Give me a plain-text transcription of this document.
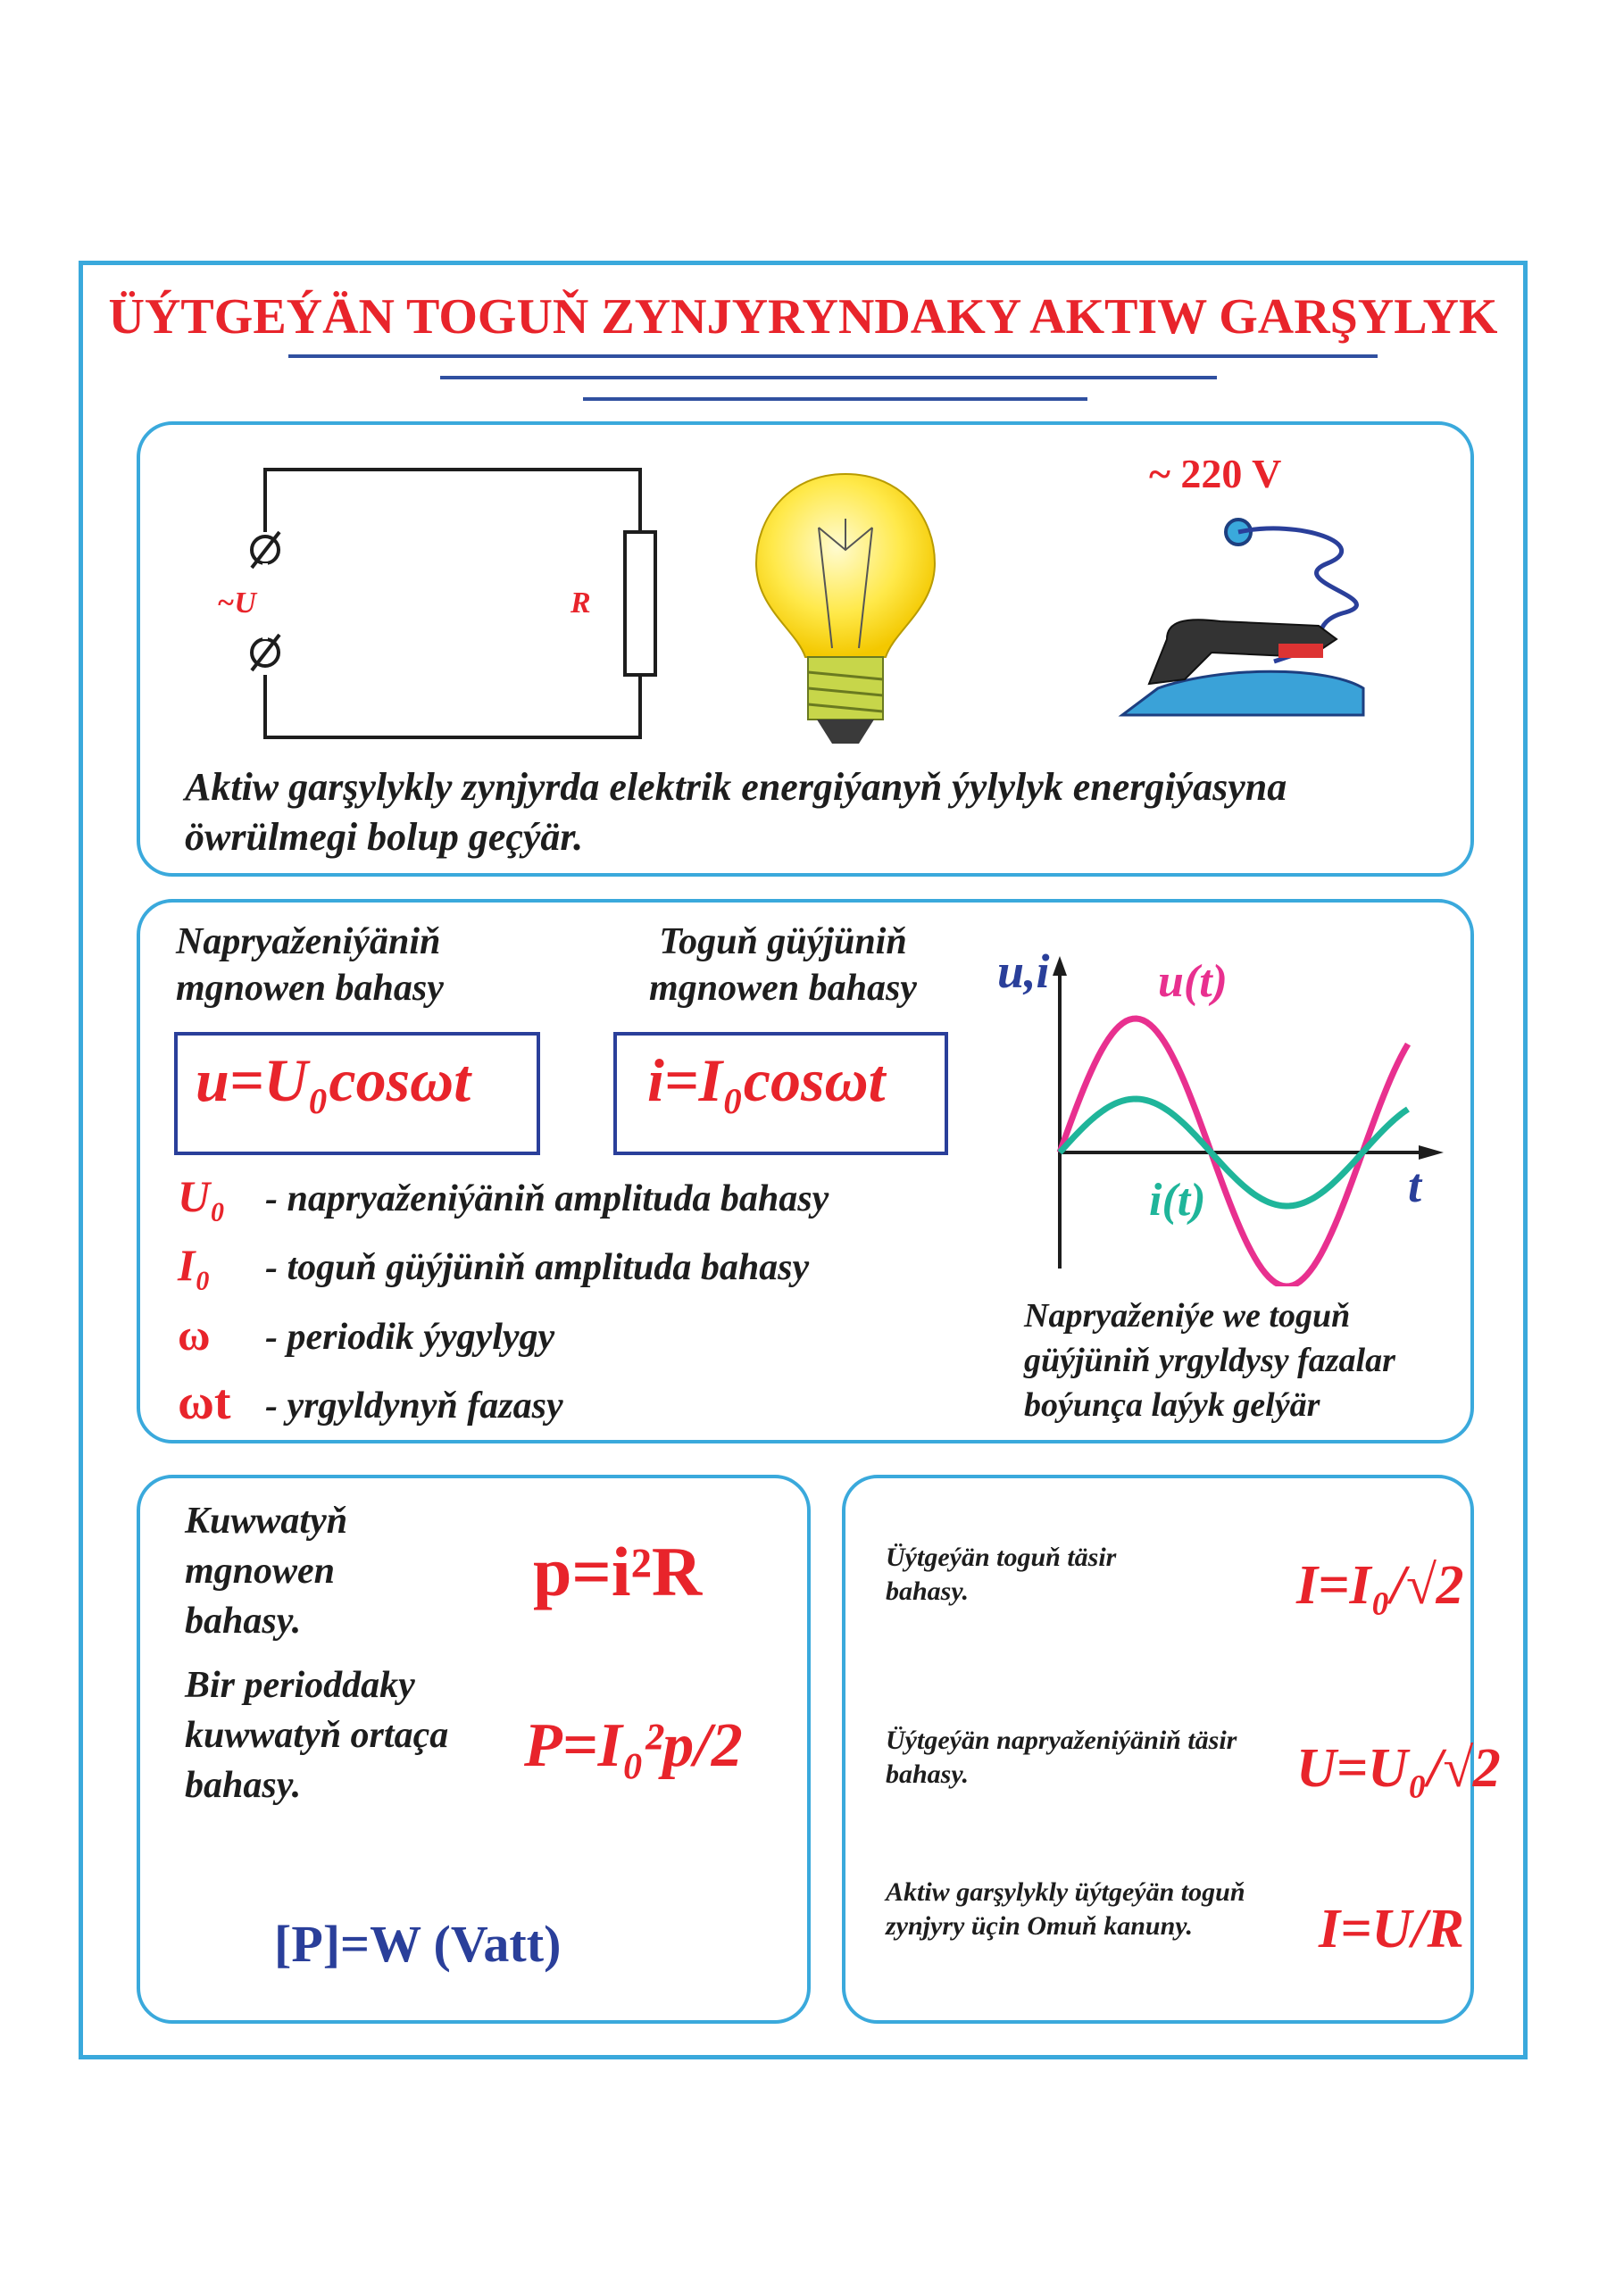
ÜÝTGEÝÄN TOGUŇ ZYNJYRYNDAKY AKTIW GARŞYLYK
~U	R
~ 220 V

Aktiw garşylykly zynjyrda elektrik energiýanyň ýylylyk energiýasyna öwrülmegi bolup geçýär.

Napryaženiýäniň mgnowen bahasy

Toguň güýjüniň mgnowen bahasy

u=U₀cosωt	i=I₀cosωt

U₀ - napryaženiýäniň amplituda bahasy

I₀ - toguň güýjüniň amplituda bahasy

ω - periodik ýygylygy

ωt - yrgyldynyň fazasy

u,i
t
u(t)
i(t)

Napryaženiýe we toguň güýjüniň yrgyldysy fazalar boýunça laýyk gelýär

Kuwwatyň mgnowen bahasy.

p=i²R

Bir perioddaky kuwwatyň ortaça bahasy.

P=I₀²p/2

[P]=W (Vatt)

Üýtgeýän toguň täsir bahasy.	I=I₀/√2

Üýtgeýän napryaženiýäniň täsir bahasy.	U=U₀/√2

Aktiw garşylykly üýtgeýän toguň zynjyry üçin Omuň kanuny.	I=U/R
